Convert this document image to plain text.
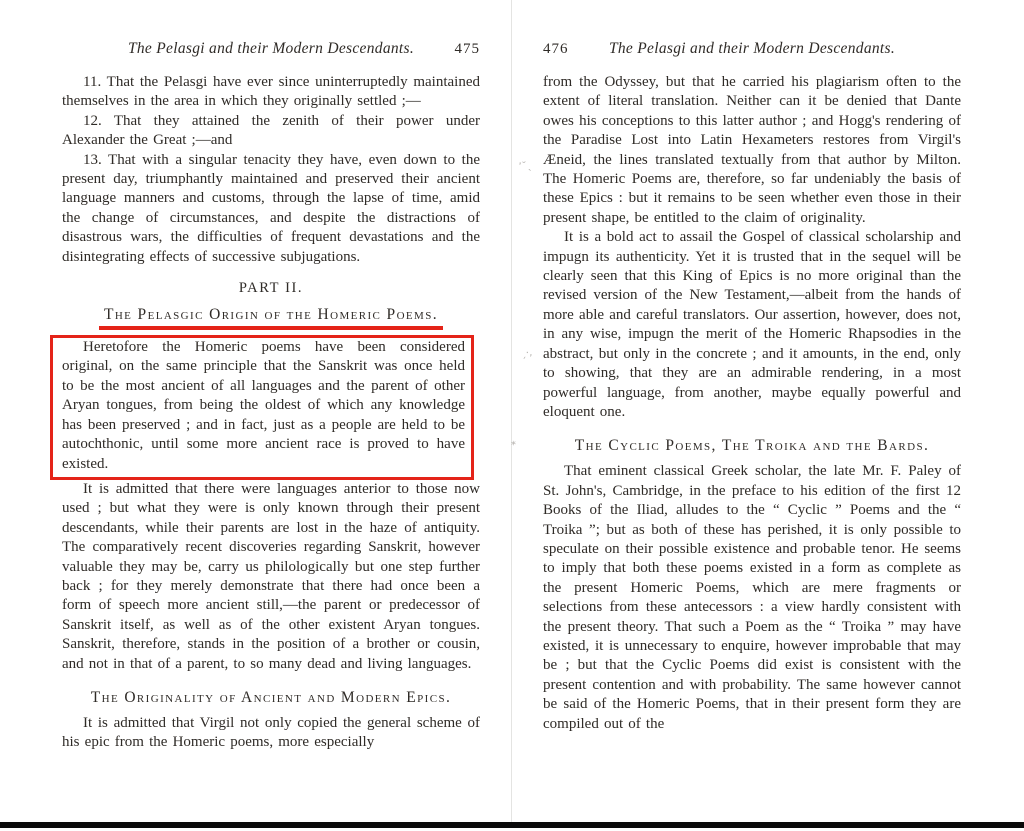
The Pelasgi and their Modern Descendants.	475

11. That the Pelasgi have ever since uninterruptedly maintained themselves in the area in which they originally settled ;—

12. That they attained the zenith of their power under Alexander the Great ;—and

13. That with a singular tenacity they have, even down to the present day, triumphantly maintained and preserved their ancient language manners and customs, through the lapse of time, amid the change of circumstances, and despite the distractions of disastrous wars, the difficulties of frequent devastations and the disintegrating effects of successive subjugations.

PART II.
The Pelasgic Origin of the Homeric Poems.

Heretofore the Homeric poems have been considered original, on the same principle that the Sanskrit was once held to be the most ancient of all languages and the parent of other Aryan tongues, from being the oldest of which any knowledge has been preserved ; and in fact, just as a people are held to be autochthonic, until some more ancient race is proved to have existed.

It is admitted that there were languages anterior to those now used ; but what they were is only known through their present descendants, while their parents are lost in the haze of antiquity. The comparatively recent discoveries regarding Sanskrit, however valuable they may be, carry us philologically but one step further back ; for they merely demonstrate that there had once been a form of speech more ancient still,—the parent or predecessor of Sanskrit itself, as well as of the other existent Aryan tongues. Sanskrit, therefore, stands in the position of a brother or cousin, and not in that of a parent, to so many dead and living languages.

The Originality of Ancient and Modern Epics.

It is admitted that Virgil not only copied the general scheme of his epic from the Homeric poems, more especially

The Pelasgi and their Modern Descendants.
476

from the Odyssey, but that he carried his plagiarism often to the extent of literal translation. Neither can it be denied that Dante owes his conceptions to this latter author ; and Hogg's rendering of the Paradise Lost into Latin Hexameters restores from Virgil's Æneid, the lines translated textually from that author by Milton. The Homeric Poems are, therefore, so far undeniably the basis of these Epics : but it remains to be seen whether even those in their present shape, be entitled to the claim of originality.

It is a bold act to assail the Gospel of classical scholarship and impugn its authenticity. Yet it is trusted that in the sequel will be clearly seen that this King of Epics is no more original than the revised version of the New Testament,—albeit from the hands of more able and careful translators. Our assertion, however, does not, in any wise, impugn the merit of the Homeric Rhapsodies in the abstract, but only in the concrete ; and it amounts, in the end, only to showing, that they are an admirable rendering, in a most powerful language, from another, maybe equally powerful and eloquent one.

The Cyclic Poems, The Troika and the Bards.

That eminent classical Greek scholar, the late Mr. F. Paley of St. John's, Cambridge, in the preface to his edition of the first 12 Books of the Iliad, alludes to the “ Cyclic ” Poems and the “ Troika ”; but as both of these has perished, it is only possible to speculate on their possible existence and probable tenor. He seems to imply that both these poems existed in a form as complete as the present Homeric Poems, which are mere fragments or selections from these antecessors : a view hardly consistent with the present theory. That such a Poem as the “ Troika ” may have existed, it is unnecessary to enquire, however improbable that may be ; but that the Cyclic Poems did exist is consistent with the present contention and with probability. The same however cannot be said of the Homeric Poems, that in their present form they are compiled out of the

’˘ˎ
ˏ·,
⁎
